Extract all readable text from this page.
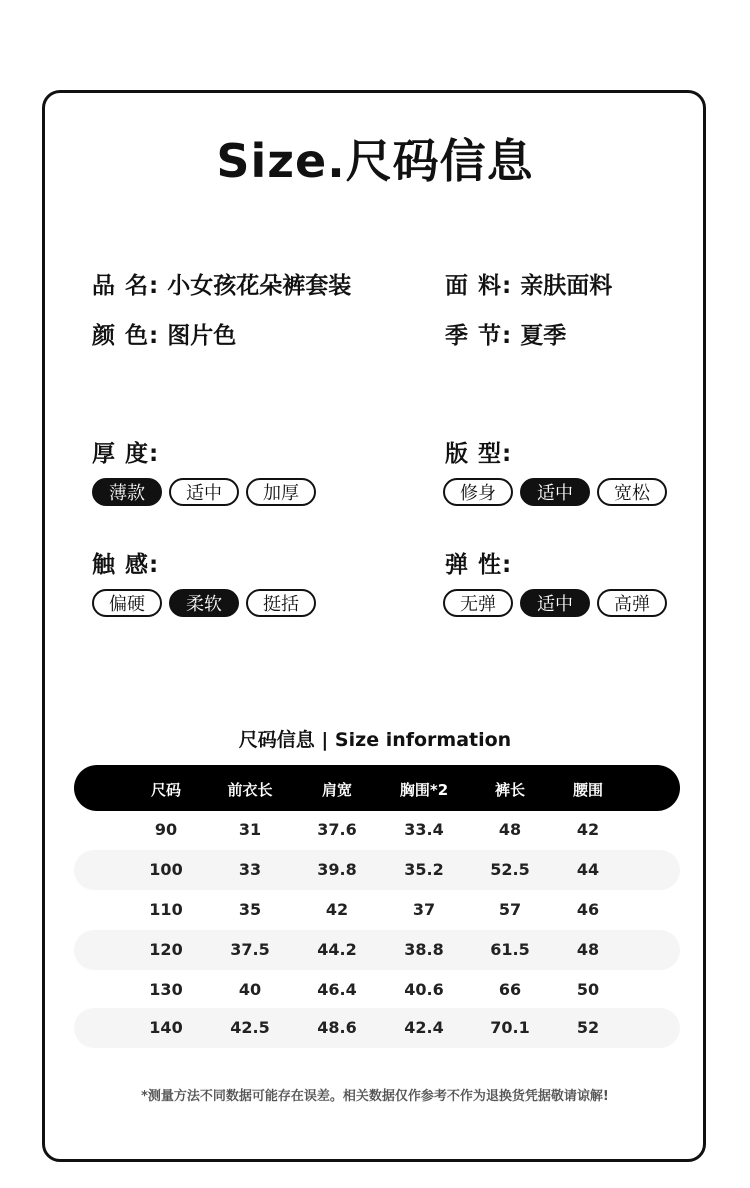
Size.尺码信息
品 名: 小女孩花朵裤套装	面 料: 亲肤面料
颜 色: 图片色	季 节: 夏季
厚 度:
薄款	适中	加厚
版 型:
修身	适中	宽松
触 感:
偏硬	柔软	挺括
弹 性:
无弹	适中	高弹
尺码信息 | Size information
尺码	前衣长	肩宽	胸围*2	裤长	腰围
90	31	37.6	33.4	48	42
100	33	39.8	35.2	52.5	44
110	35	42	37	57	46
120	37.5	44.2	38.8	61.5	48
130	40	46.4	40.6	66	50
140	42.5	48.6	42.4	70.1	52
*测量方法不同数据可能存在误差。相关数据仅作参考不作为退换货凭据敬请谅解!
